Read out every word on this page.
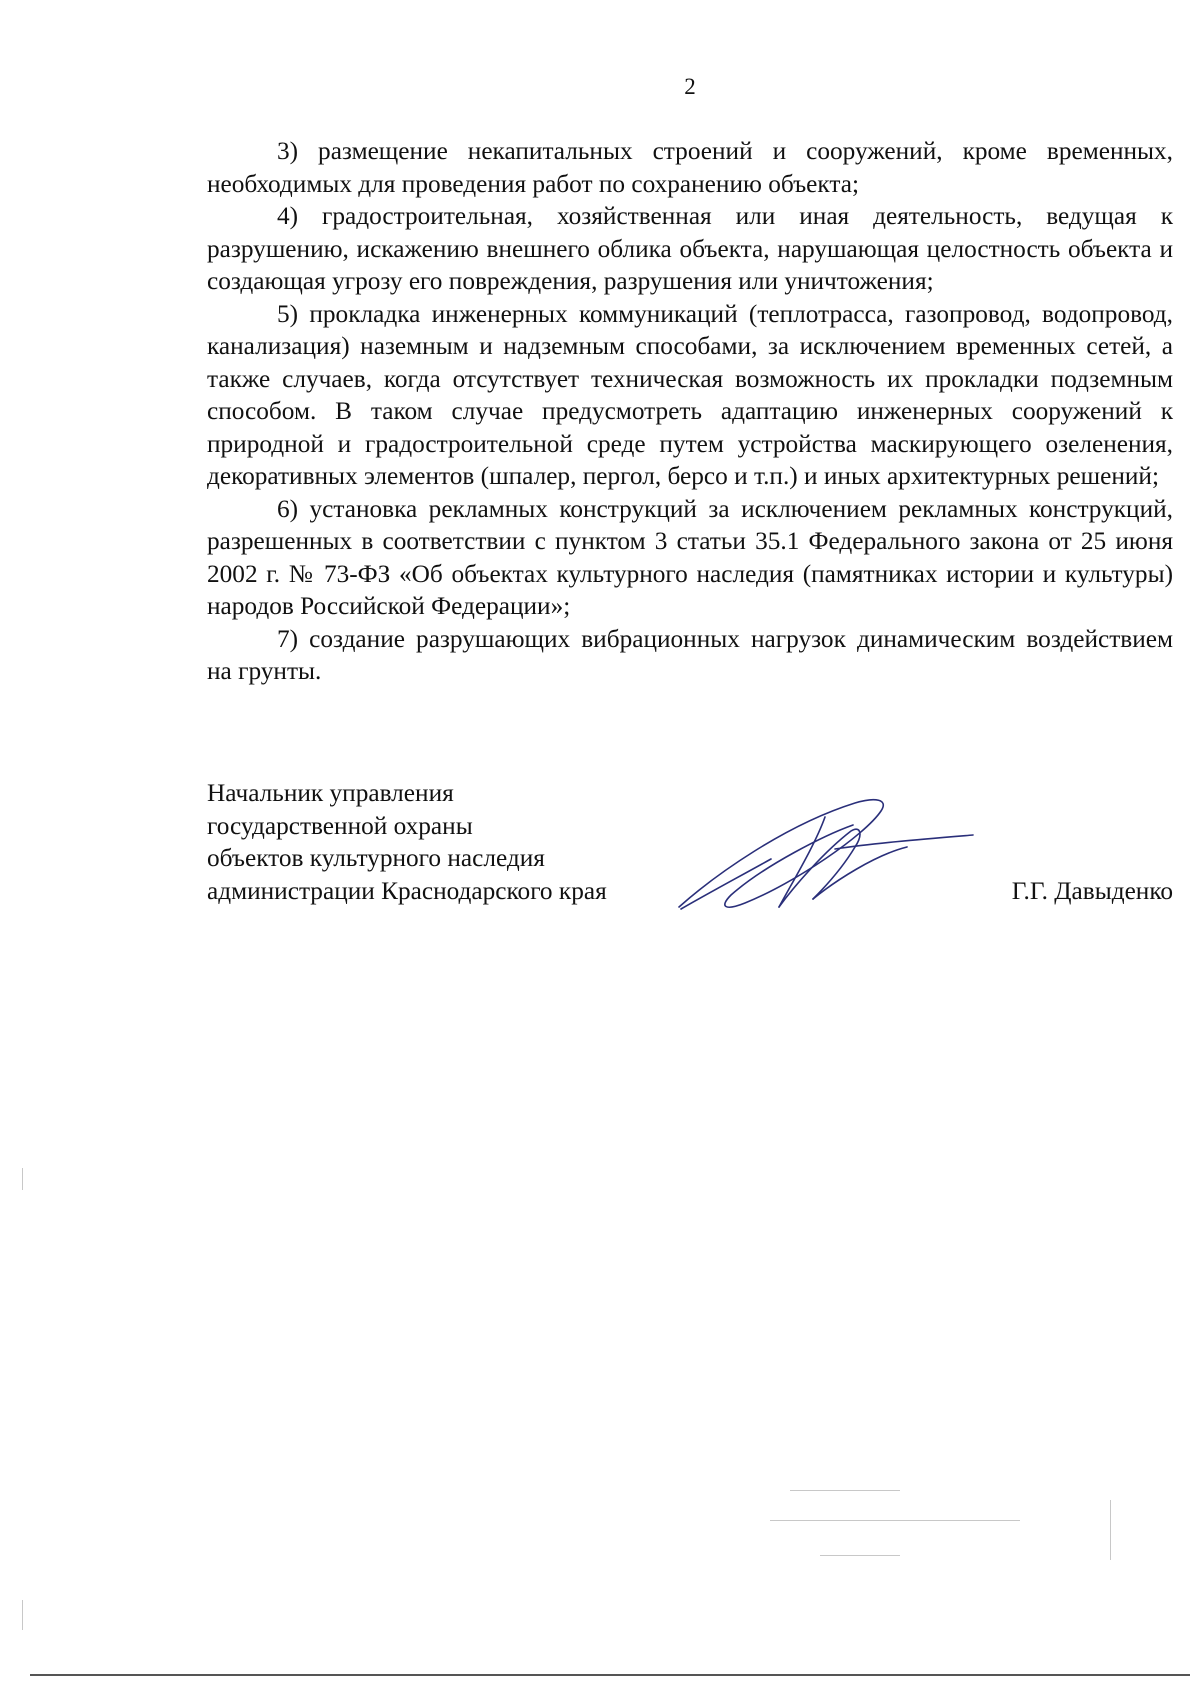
2

3) размещение некапитальных строений и сооружений, кроме временных, необходимых для проведения работ по сохранению объекта;

4) градостроительная, хозяйственная или иная деятельность, ведущая к разрушению, искажению внешнего облика объекта, нарушающая целостность объекта и создающая угрозу его повреждения, разрушения или уничтожения;

5) прокладка инженерных коммуникаций (теплотрасса, газопровод, водопровод, канализация) наземным и надземным способами, за исключением временных сетей, а также случаев, когда отсутствует техническая возможность их прокладки подземным способом. В таком случае предусмотреть адаптацию инженерных сооружений к природной и градостроительной среде путем устройства маскирующего озеленения, декоративных элементов (шпалер, пергол, берсо и т.п.) и иных архитектурных решений;

6) установка рекламных конструкций за исключением рекламных конструкций, разрешенных в соответствии с пунктом 3 статьи 35.1 Федерального закона от 25 июня 2002 г. № 73-ФЗ «Об объектах культурного наследия (памятниках истории и культуры) народов Российской Федерации»;

7) создание разрушающих вибрационных нагрузок динамическим воздействием на грунты.

Начальник управления
государственной охраны
объектов культурного наследия
администрации Краснодарского края	Г.Г. Давыденко
